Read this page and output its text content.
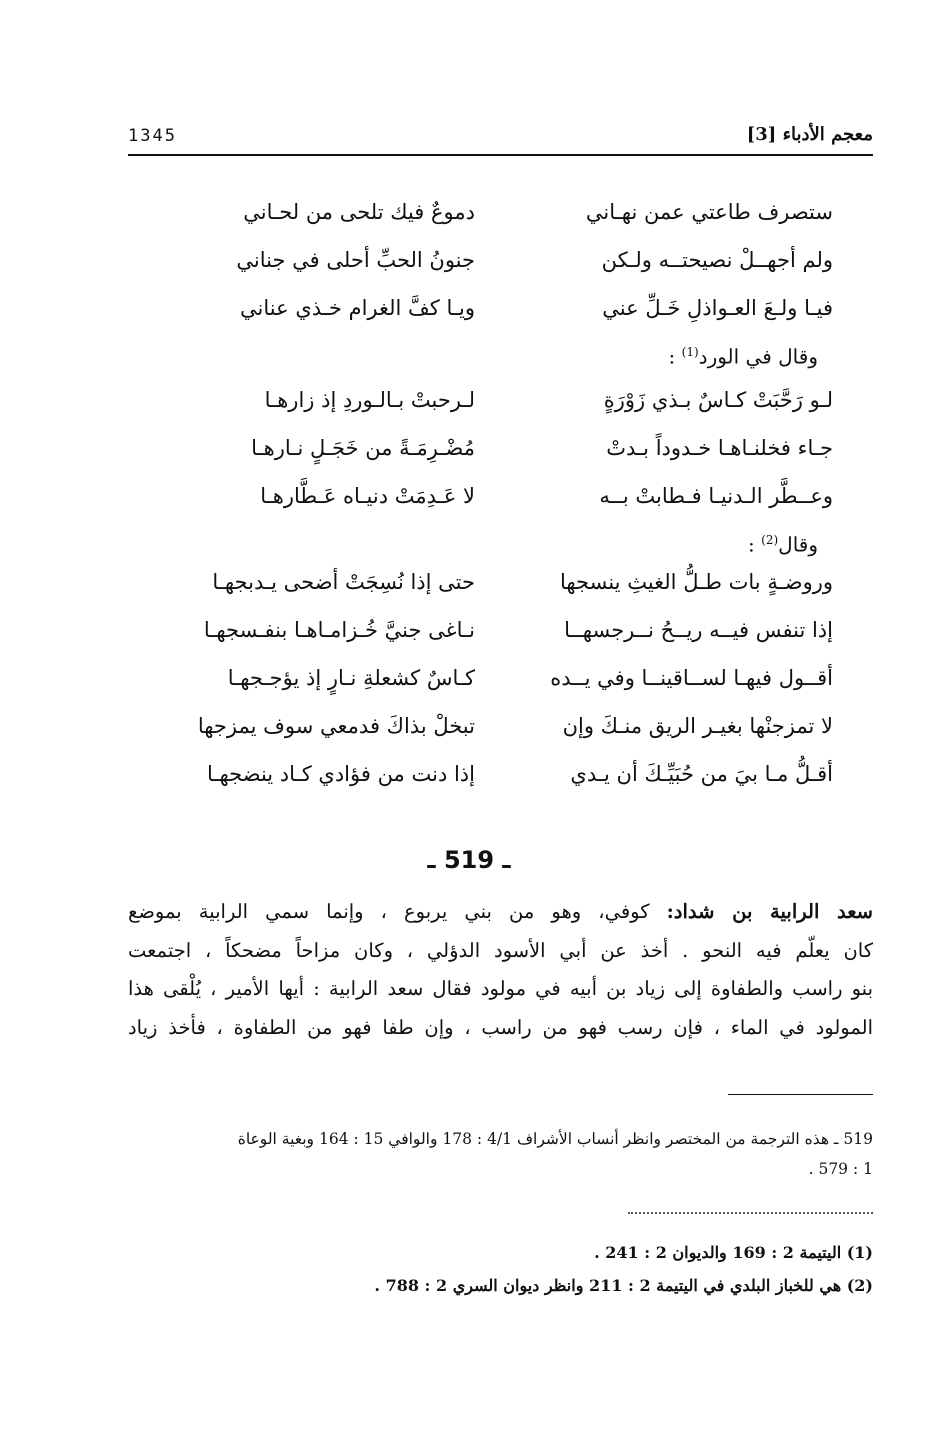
1345	معجم الأدباء [3]
ستصرف طاعتي عمن نهـاني
دموعٌ فيك تلحى من لحـاني
ولم أجهــلْ نصيحتــه ولـكن
جنونُ الحبِّ أحلى في جناني
فيـا ولـعَ العـواذلِ خَـلِّ عني
ويـا كفَّ الغرام خـذي عناني
وقال في الورد$^{(1)}$ :
لـو رَحَّبَتْ كـاسٌ بـذي زَوْرَةٍ
لـرحبتْ بـالـوردِ إذ زارهـا
جـاء فخلنـاهـا خـدوداً بـدتْ
مُضْـرِمَـةً من خَجَـلٍ نـارهـا
وعــطَّر الـدنيـا فـطابتْ بــه
لا عَـدِمَتْ دنيـاه عَـطَّارهـا
وقال$^{(2)}$ :
وروضـةٍ بات طـلُّ الغيثِ ينسجها
حتى إذا نُسِجَتْ أضحى يـدبجهـا
إذا تنفس فيــه ريــحُ نــرجسهــا
نـاغى جنيَّ خُـزامـاهـا بنفـسجهـا
أقــول فيهـا لســاقينــا وفي يــده
كـاسٌ كشعلةِ نـارٍ إذ يؤجـجهـا
لا تمزجنْها بغيـر الريق منـكَ وإن
تبخلْ بذاكَ فدمعي سوف يمزجها
أقـلُّ مـا بيَ من حُبَيِّـكَ أن يـدي
إذا دنت من فؤادي كـاد ينضجهـا
ـ 519 ـ
سعد الرابية بن شداد: كوفي، وهو من بني يربوع ، وإنما سمي الرابية بموضع
كان يعلّم فيه النحو . أخذ عن أبي الأسود الدؤلي ، وكان مزاحاً مضحكاً ، اجتمعت
بنو راسب والطفاوة إلى زياد بن أبيه في مولود فقال سعد الرابية : أيها الأمير ، يُلْقى هذا
المولود في الماء ، فإن رسب فهو من راسب ، وإن طفا فهو من الطفاوة ، فأخذ زياد
519 ـ هذه الترجمة من المختصر وانظر أنساب الأشراف 4/1 : 178 والوافي 15 : 164 وبغية الوعاة
1 : 579 .
(1) اليتيمة 2 : 169 والديوان 2 : 241 .
(2) هي للخباز البلدي في اليتيمة 2 : 211 وانظر ديوان السري 2 : 788 .
